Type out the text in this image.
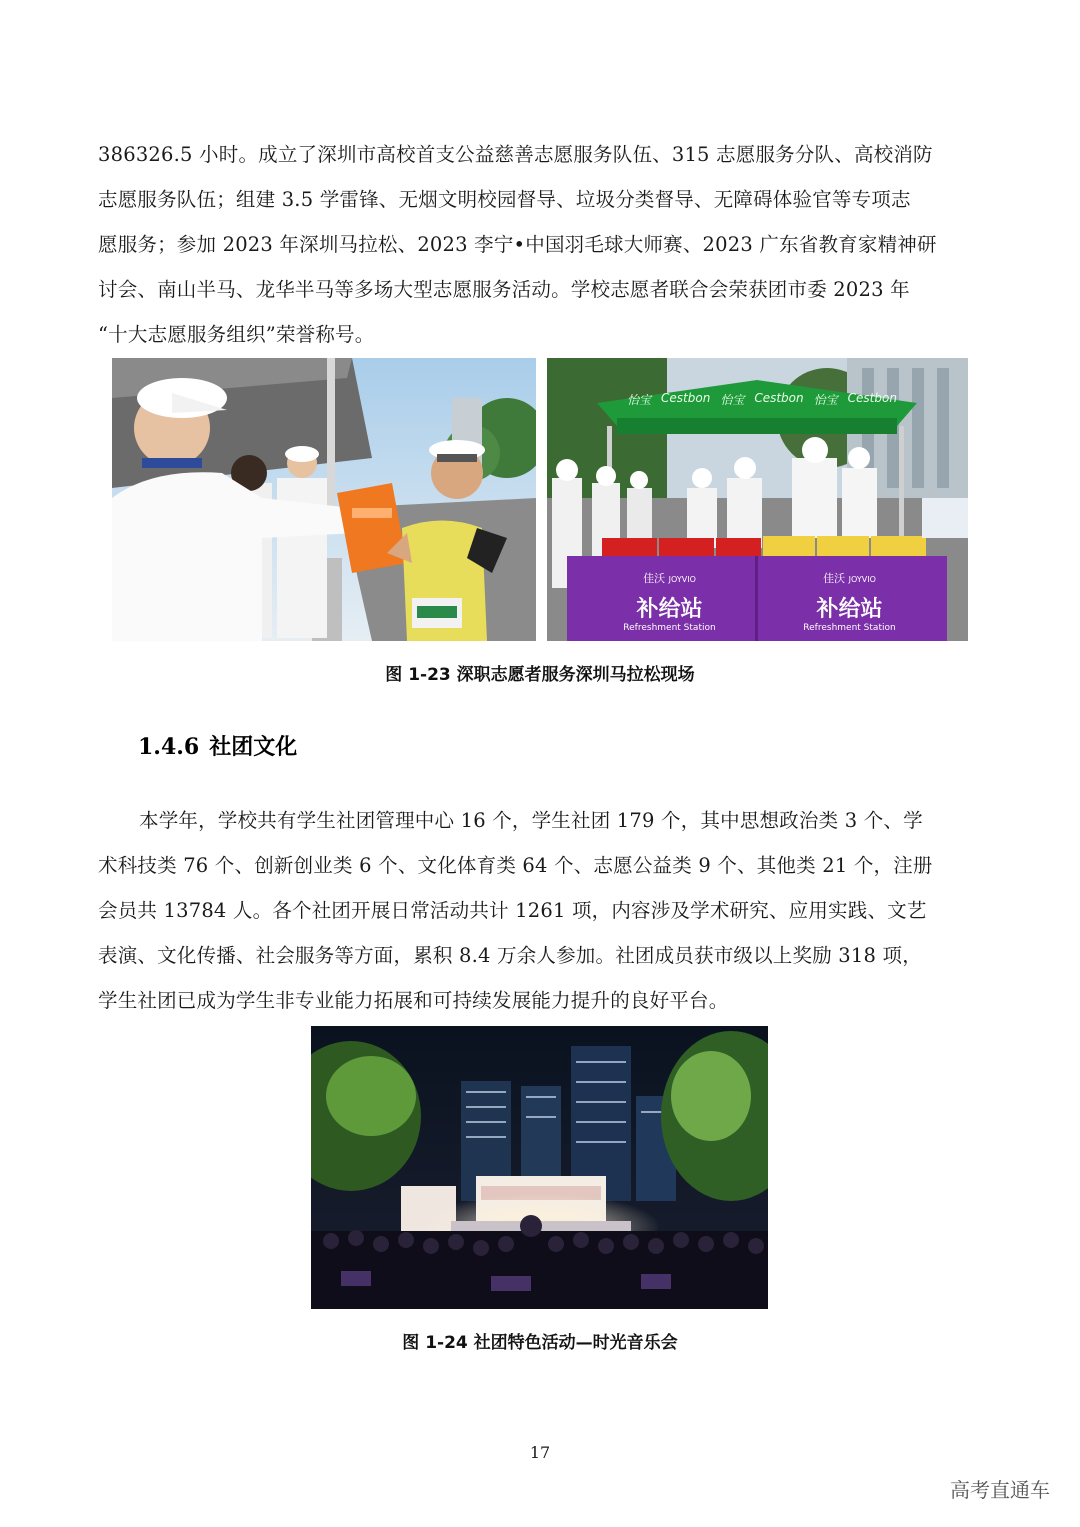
386326.5 小时。成立了深圳市高校首支公益慈善志愿服务队伍、315 志愿服务分队、高校消防
志愿服务队伍；组建 3.5 学雷锋、无烟文明校园督导、垃圾分类督导、无障碍体验官等专项志
愿服务；参加 2023 年深圳马拉松、2023 李宁•中国羽毛球大师赛、2023 广东省教育家精神研
讨会、南山半马、龙华半马等多场大型志愿服务活动。学校志愿者联合会荣获团市委 2023 年
“十大志愿服务组织”荣誉称号。
怡宝 Cestbon 怡宝 Cestbon 怡宝 Cestbon
佳沃 JOYVIO
补给站
Refreshment Station
佳沃 JOYVIO
补给站
Refreshment Station
图 1-23 深职志愿者服务深圳马拉松现场
1.4.6 社团文化
本学年，学校共有学生社团管理中心 16 个，学生社团 179 个，其中思想政治类 3 个、学
术科技类 76 个、创新创业类 6 个、文化体育类 64 个、志愿公益类 9 个、其他类 21 个，注册
会员共 13784 人。各个社团开展日常活动共计 1261 项，内容涉及学术研究、应用实践、文艺
表演、文化传播、社会服务等方面，累积 8.4 万余人参加。社团成员获市级以上奖励 318 项，
学生社团已成为学生非专业能力拓展和可持续发展能力提升的良好平台。
图 1-24 社团特色活动—时光音乐会
17
高考直通车
